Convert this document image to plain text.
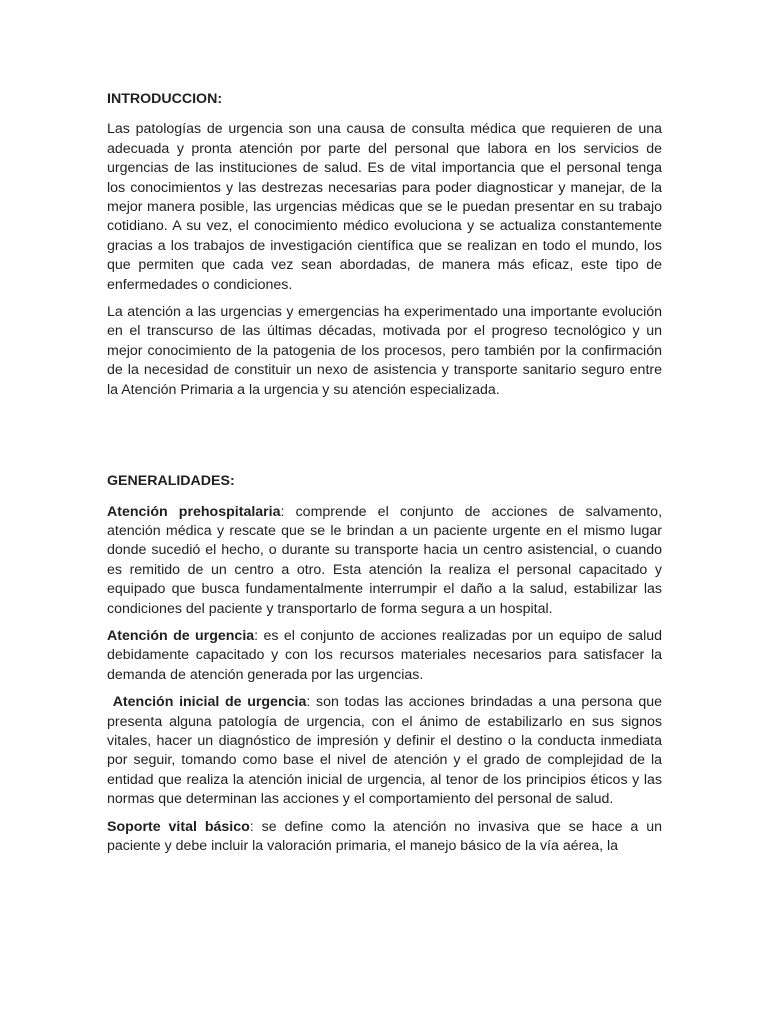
INTRODUCCION:

Las patologías de urgencia son una causa de consulta médica que requieren de una adecuada y pronta atención por parte del personal que labora en los servicios de urgencias de las instituciones de salud. Es de vital importancia que el personal tenga los conocimientos y las destrezas necesarias para poder diagnosticar y manejar, de la mejor manera posible, las urgencias médicas que se le puedan presentar en su trabajo cotidiano. A su vez, el conocimiento médico evoluciona y se actualiza constantemente gracias a los trabajos de investigación científica que se realizan en todo el mundo, los que permiten que cada vez sean abordadas, de manera más eficaz, este tipo de enfermedades o condiciones.

La atención a las urgencias y emergencias ha experimentado una importante evolución en el transcurso de las últimas décadas, motivada por el progreso tecnológico y un mejor conocimiento de la patogenia de los procesos, pero también por la confirmación de la necesidad de constituir un nexo de asistencia y transporte sanitario seguro entre la Atención Primaria a la urgencia y su atención especializada.

GENERALIDADES:

Atención prehospitalaria: comprende el conjunto de acciones de salvamento, atención médica y rescate que se le brindan a un paciente urgente en el mismo lugar donde sucedió el hecho, o durante su transporte hacia un centro asistencial, o cuando es remitido de un centro a otro. Esta atención la realiza el personal capacitado y equipado que busca fundamentalmente interrumpir el daño a la salud, estabilizar las condiciones del paciente y transportarlo de forma segura a un hospital.

Atención de urgencia: es el conjunto de acciones realizadas por un equipo de salud debidamente capacitado y con los recursos materiales necesarios para satisfacer la demanda de atención generada por las urgencias.

Atención inicial de urgencia: son todas las acciones brindadas a una persona que presenta alguna patología de urgencia, con el ánimo de estabilizarlo en sus signos vitales, hacer un diagnóstico de impresión y definir el destino o la conducta inmediata por seguir, tomando como base el nivel de atención y el grado de complejidad de la entidad que realiza la atención inicial de urgencia, al tenor de los principios éticos y las normas que determinan las acciones y el comportamiento del personal de salud.

Soporte vital básico: se define como la atención no invasiva que se hace a un paciente y debe incluir la valoración primaria, el manejo básico de la vía aérea, la
